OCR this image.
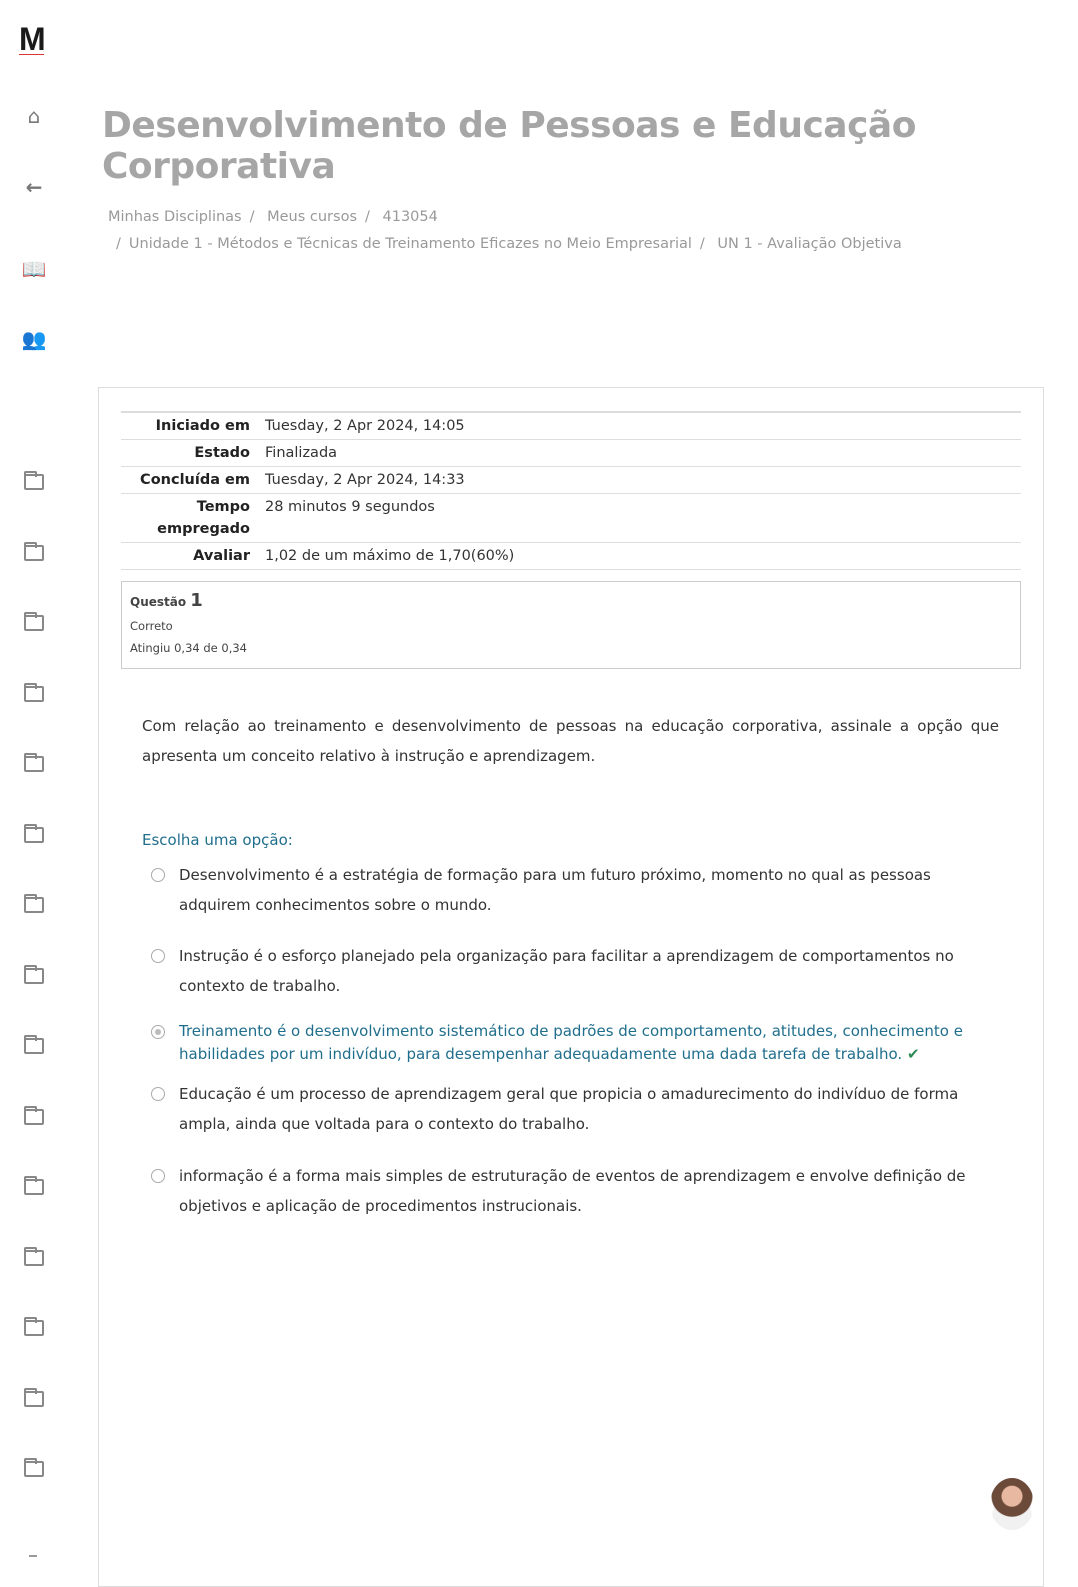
M
⌂
←
📖
👥
Desenvolvimento de Pessoas e Educação Corporativa
Minhas Disciplinas / Meus cursos / 413054
/ Unidade 1 - Métodos e Técnicas de Treinamento Eficazes no Meio Empresarial / UN 1 - Avaliação Objetiva
Iniciado em	Tuesday, 2 Apr 2024, 14:05
Estado	Finalizada
Concluída em	Tuesday, 2 Apr 2024, 14:33
Tempo empregado	28 minutos 9 segundos
Avaliar	1,02 de um máximo de 1,70(60%)
Questão 1
Correto
Atingiu 0,34 de 0,34
Com relação ao treinamento e desenvolvimento de pessoas na educação corporativa, assinale a opção que apresenta um conceito relativo à instrução e aprendizagem.
Escolha uma opção:
Desenvolvimento é a estratégia de formação para um futuro próximo, momento no qual as pessoas adquirem conhecimentos sobre o mundo.
Instrução é o esforço planejado pela organização para facilitar a aprendizagem de comportamentos no contexto de trabalho.
Treinamento é o desenvolvimento sistemático de padrões de comportamento, atitudes, conhecimento e habilidades por um indivíduo, para desempenhar adequadamente uma dada tarefa de trabalho. ✔
Educação é um processo de aprendizagem geral que propicia o amadurecimento do indivíduo de forma ampla, ainda que voltada para o contexto do trabalho.
informação é a forma mais simples de estruturação de eventos de aprendizagem e envolve definição de objetivos e aplicação de procedimentos instrucionais.
